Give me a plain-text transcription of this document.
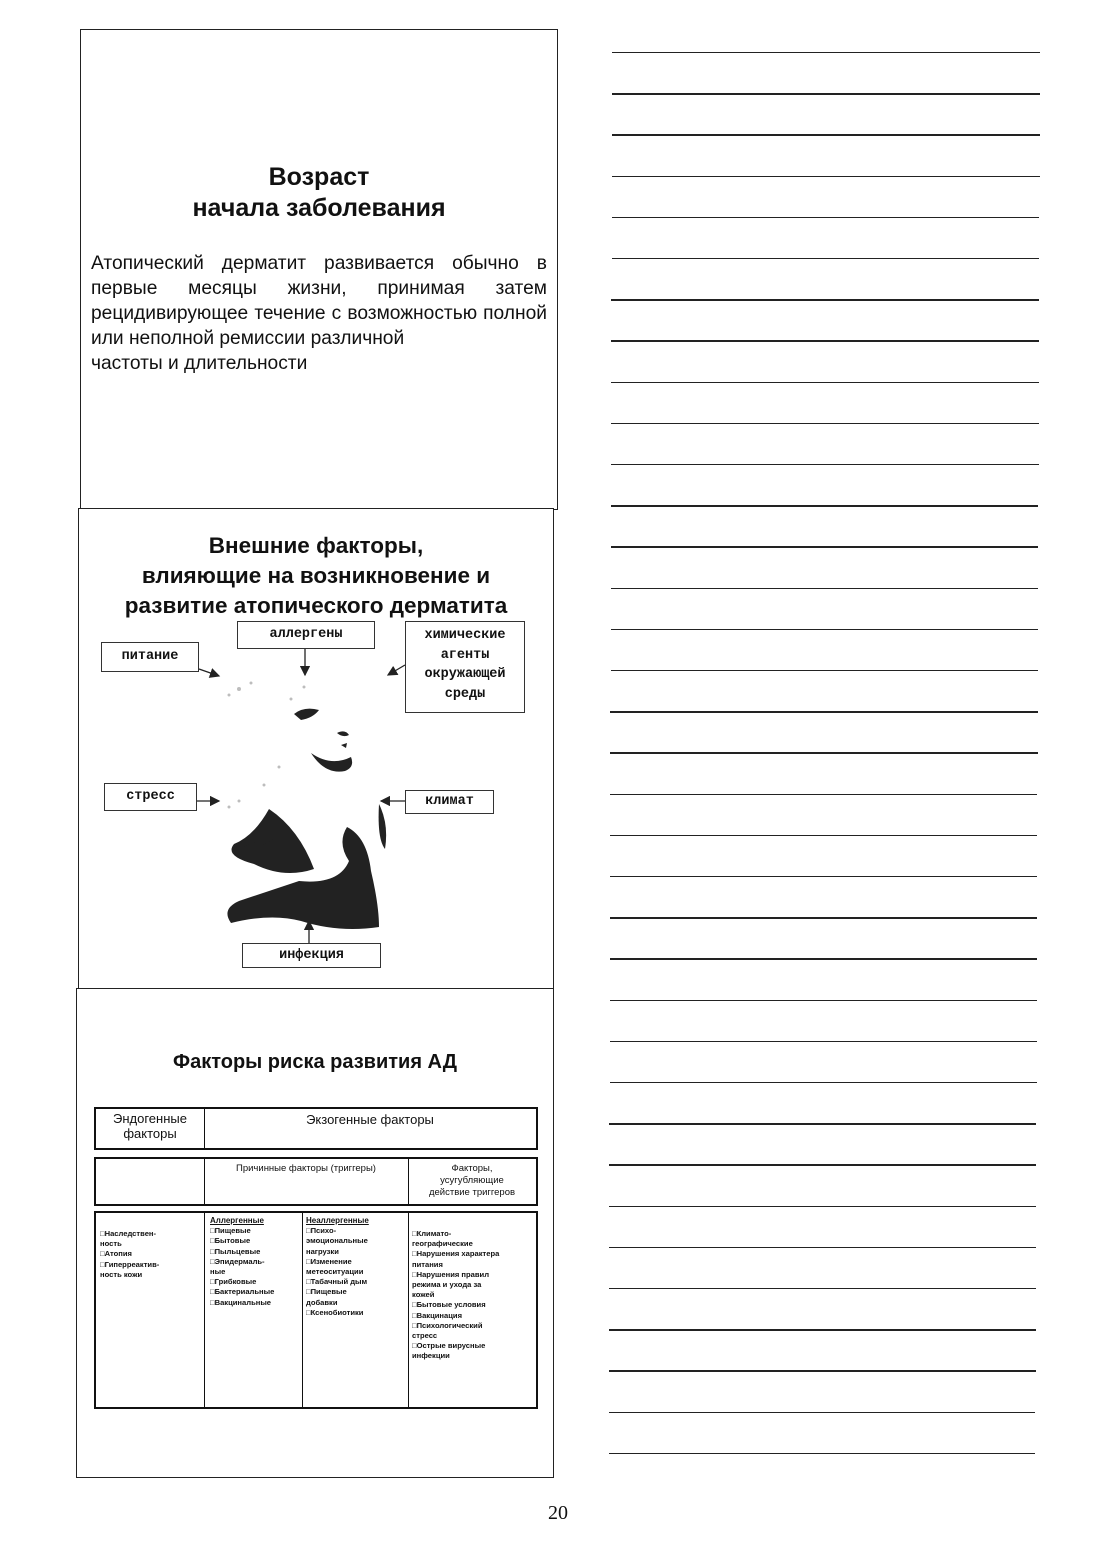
Возраст
начала заболевания
Атопический дерматит развивается обычно в первые месяцы жизни, принимая затем рецидивирующее течение с возможностью полной или неполной ремиссии различной
частоты и длительности
Внешние факторы,
влияющие на возникновение и
развитие атопического дерматита
аллергены
питание
химические
агенты
окружающей
среды
стресс	климат
инфекция
Факторы риска развития АД
Эндогенные
факторы
Экзогенные факторы
Причинные факторы (триггеры)	Факторы,
усугубляющие
действие триггеров
□Наследствен-
ность
□Атопия
□Гиперреактив-
ность кожи
Аллергенные
□Пищевые
□Бытовые
□Пыльцевые
□Эпидермаль-
ные
□Грибковые
□Бактериальные
□Вакцинальные
Неаллергенные
□Психо-
эмоциональные
нагрузки
□Изменение
метеоситуации
□Табачный дым
□Пищевые
добавки
□Ксенобиотики
□Климато-
географические
□Нарушения характера
питания
□Нарушения правил
режима и ухода за
кожей
□Бытовые условия
□Вакцинация
□Психологический
стресс
□Острые вирусные
инфекции
20
